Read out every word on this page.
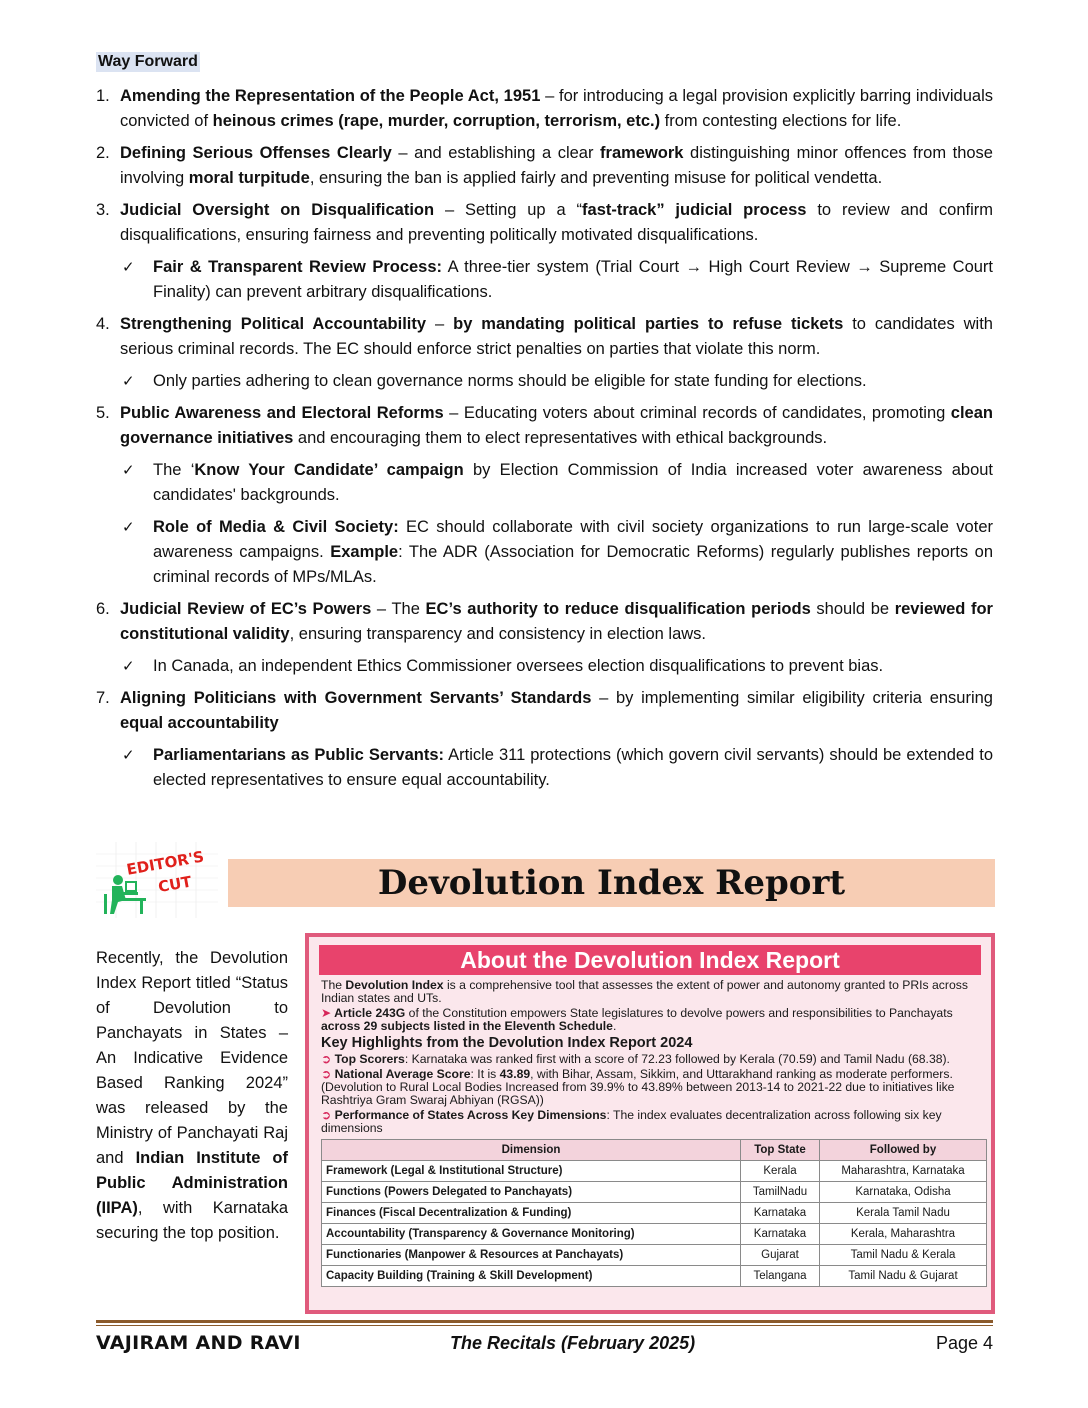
Way Forward
1. Amending the Representation of the People Act, 1951 – for introducing a legal provision explicitly barring individuals convicted of heinous crimes (rape, murder, corruption, terrorism, etc.) from contesting elections for life.
2. Defining Serious Offenses Clearly – and establishing a clear framework distinguishing minor offences from those involving moral turpitude, ensuring the ban is applied fairly and preventing misuse for political vendetta.
3. Judicial Oversight on Disqualification – Setting up a “fast-track” judicial process to review and confirm disqualifications, ensuring fairness and preventing politically motivated disqualifications.
✓ Fair & Transparent Review Process: A three-tier system (Trial Court → High Court Review → Supreme Court Finality) can prevent arbitrary disqualifications.
4. Strengthening Political Accountability – by mandating political parties to refuse tickets to candidates with serious criminal records. The EC should enforce strict penalties on parties that violate this norm.
✓ Only parties adhering to clean governance norms should be eligible for state funding for elections.
5. Public Awareness and Electoral Reforms – Educating voters about criminal records of candidates, promoting clean governance initiatives and encouraging them to elect representatives with ethical backgrounds.
✓ The ‘Know Your Candidate’ campaign by Election Commission of India increased voter awareness about candidates' backgrounds.
✓ Role of Media & Civil Society: EC should collaborate with civil society organizations to run large-scale voter awareness campaigns. Example: The ADR (Association for Democratic Reforms) regularly publishes reports on criminal records of MPs/MLAs.
6. Judicial Review of EC’s Powers – The EC’s authority to reduce disqualification periods should be reviewed for constitutional validity, ensuring transparency and consistency in election laws.
✓ In Canada, an independent Ethics Commissioner oversees election disqualifications to prevent bias.
7. Aligning Politicians with Government Servants’ Standards – by implementing similar eligibility criteria ensuring equal accountability
✓ Parliamentarians as Public Servants: Article 311 protections (which govern civil servants) should be extended to elected representatives to ensure equal accountability.
EDITOR'S
CUT	Devolution Index Report
Recently, the Devolution Index Report titled “Status of Devolution to Panchayats in States – An Indicative Evidence Based Ranking 2024” was released by the Ministry of Panchayati Raj and Indian Institute of Public Administration (IIPA), with Karnataka securing the top position.
About the Devolution Index Report

The Devolution Index is a comprehensive tool that assesses the extent of power and autonomy granted to PRIs across Indian states and UTs.

➤ Article 243G of the Constitution empowers State legislatures to devolve powers and responsibilities to Panchayats across 29 subjects listed in the Eleventh Schedule.

Key Highlights from the Devolution Index Report 2024

➲ Top Scorers: Karnataka was ranked first with a score of 72.23 followed by Kerala (70.59) and Tamil Nadu (68.38).

➲ National Average Score: It is 43.89, with Bihar, Assam, Sikkim, and Uttarakhand ranking as moderate performers. (Devolution to Rural Local Bodies Increased from 39.9% to 43.89% between 2013-14 to 2021-22 due to initiatives like Rashtriya Gram Swaraj Abhiyan (RGSA))

➲ Performance of States Across Key Dimensions: The index evaluates decentralization across following six key dimensions

Dimension	Top State	Followed by
Framework (Legal & Institutional Structure)	Kerala	Maharashtra, Karnataka
Functions (Powers Delegated to Panchayats)	TamilNadu	Karnataka, Odisha
Finances (Fiscal Decentralization & Funding)	Karnataka	Kerala Tamil Nadu
Accountability (Transparency & Governance Monitoring)	Karnataka	Kerala, Maharashtra
Functionaries (Manpower & Resources at Panchayats)	Gujarat	Tamil Nadu & Kerala
Capacity Building (Training & Skill Development)	Telangana	Tamil Nadu & Gujarat
VAJIRAM AND RAVI	The Recitals (February 2025)	Page 4
